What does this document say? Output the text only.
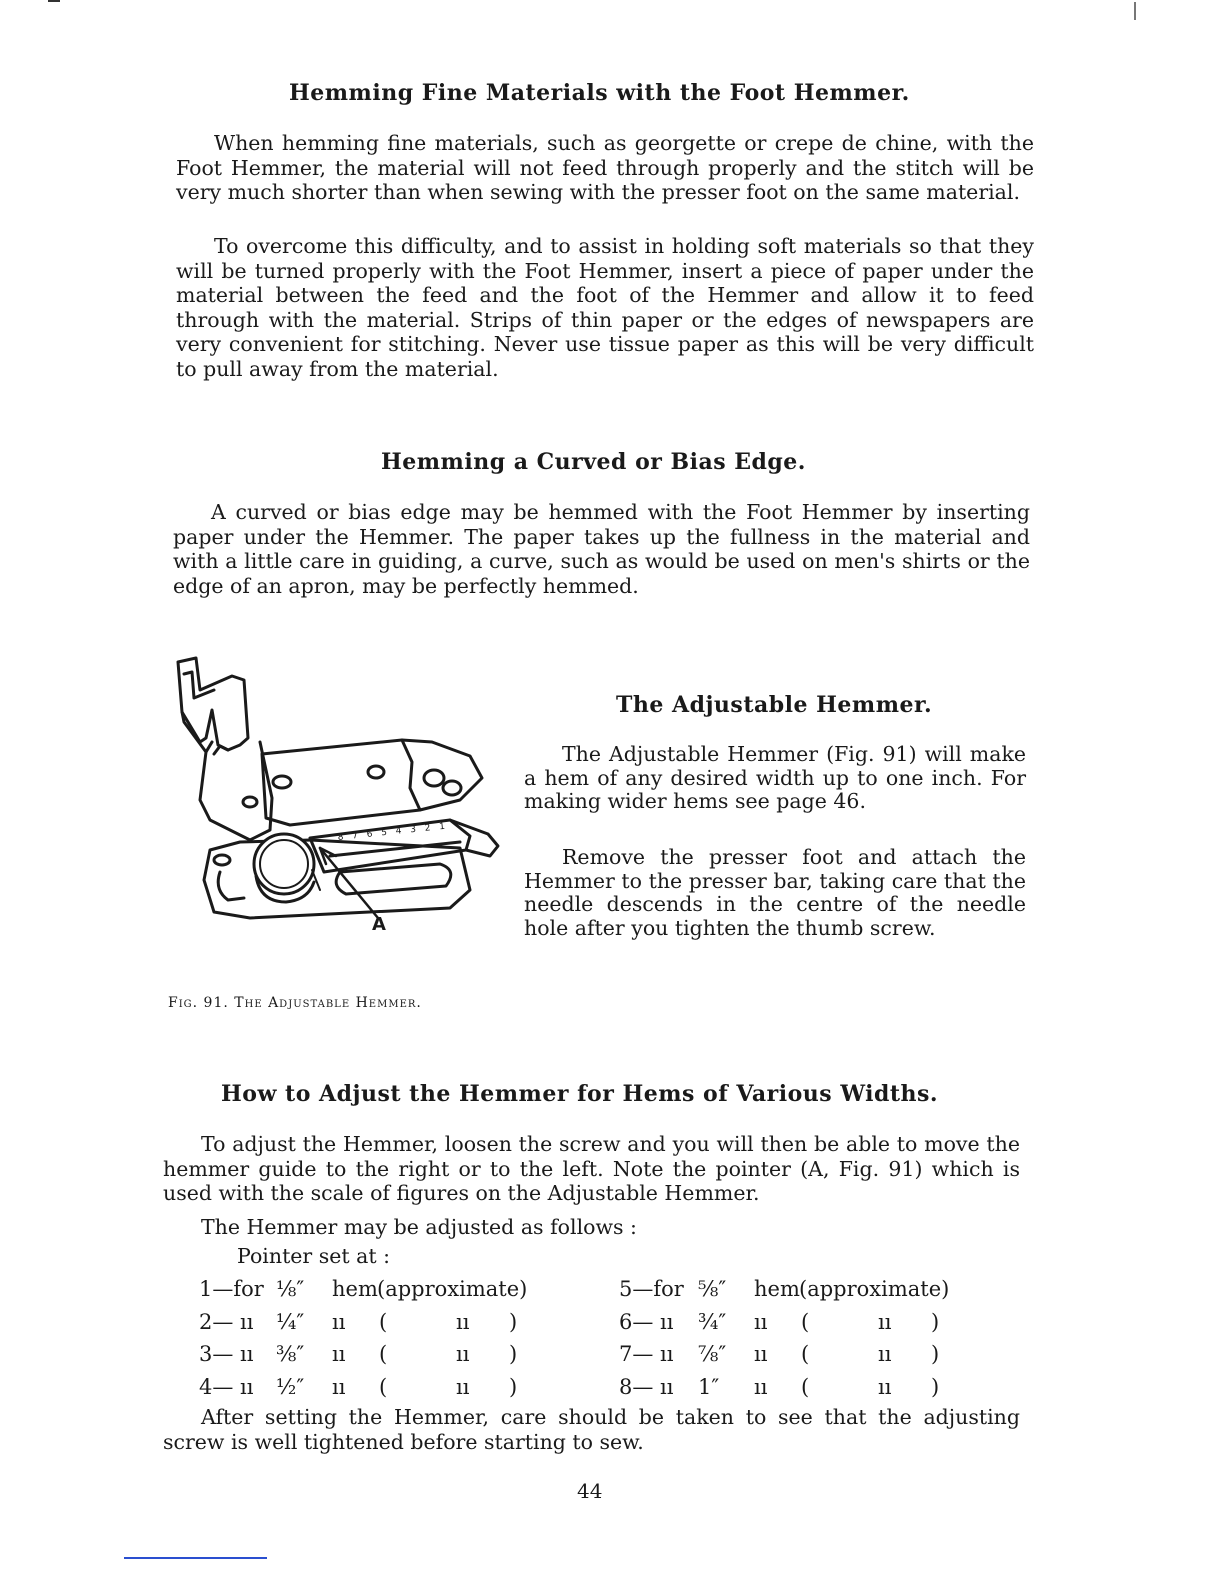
Hemming Fine Materials with the Foot Hemmer.

When hemming fine materials, such as georgette or crepe de chine, with the Foot Hemmer, the material will not feed through properly and the stitch will be very much shorter than when sewing with the presser foot on the same material.

To overcome this difficulty, and to assist in holding soft materials so that they will be turned properly with the Foot Hemmer, insert a piece of paper under the material between the feed and the foot of the Hemmer and allow it to feed through with the material. Strips of thin paper or the edges of newspapers are very convenient for stitching. Never use tissue paper as this will be very difficult to pull away from the material.

Hemming a Curved or Bias Edge.

A curved or bias edge may be hemmed with the Foot Hemmer by inserting paper under the Hemmer. The paper takes up the fullness in the material and with a little care in guiding, a curve, such as would be used on men's shirts or the edge of an apron, may be perfectly hemmed.

8 7 6 5 4 3 2 1
A

Fig. 91. The Adjustable Hemmer.

The Adjustable Hemmer.

The Adjustable Hemmer (Fig. 91) will make a hem of any desired width up to one inch. For making wider hems see page 46.

Remove the presser foot and attach the Hemmer to the presser bar, taking care that the needle descends in the centre of the needle hole after you tighten the thumb screw.

How to Adjust the Hemmer for Hems of Various Widths.

To adjust the Hemmer, loosen the screw and you will then be able to move the hemmer guide to the right or to the left. Note the pointer (A, Fig. 91) which is used with the scale of figures on the Adjustable Hemmer.

The Hemmer may be adjusted as follows :

Pointer set at :

1—for ⅛″ hem (approximate)
2— ıı ¼″ ıı (	ıı )
3— ıı ⅜″ ıı (	ıı )
4— ıı ½″ ıı (	ıı )
5—for ⅝″ hem (approximate)
6— ıı ¾″ ıı (	ıı )
7— ıı ⅞″ ıı (	ıı )
8— ıı 1″ ıı (	ıı )

After setting the Hemmer, care should be taken to see that the adjusting screw is well tightened before starting to sew.

44
